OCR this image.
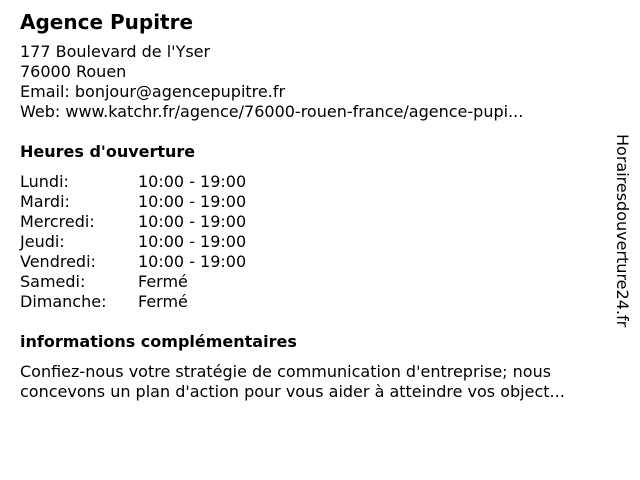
Agence Pupitre
177 Boulevard de l'Yser
76000 Rouen
Email: bonjour@agencepupitre.fr
Web: www.katchr.fr/agence/76000-rouen-france/agence-pupi...
Heures d'ouverture
Lundi:	10:00 - 19:00
Mardi:	10:00 - 19:00
Mercredi:	10:00 - 19:00
Jeudi:	10:00 - 19:00
Vendredi:	10:00 - 19:00
Samedi:	Fermé
Dimanche:	Fermé
informations complémentaires
Confiez-nous votre stratégie de communication d'entreprise; nous
concevons un plan d'action pour vous aider à atteindre vos object...
Horairesdouverture24.fr
